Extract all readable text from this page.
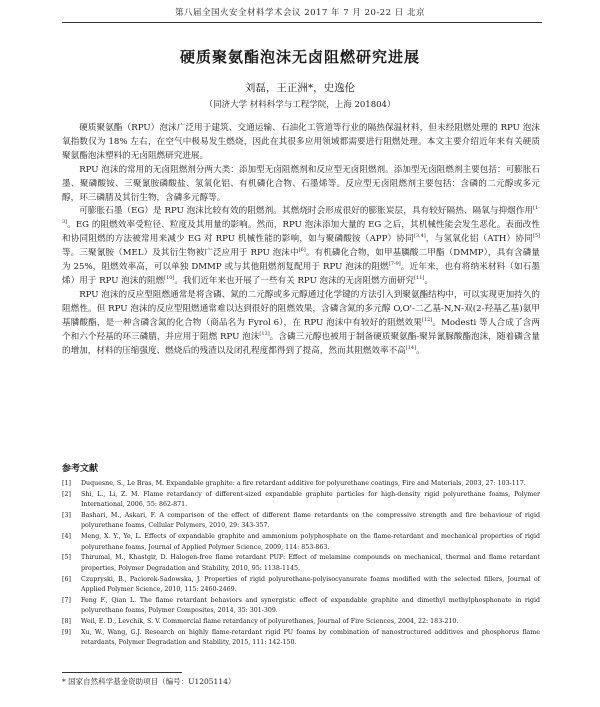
第八届全国火安全材料学术会议 2017 年 7 月 20-22 日 北京
硬质聚氨酯泡沫无卤阻燃研究进展
刘磊，王正洲*，史逸伦
（同济大学 材料科学与工程学院，上海 201804）

硬质聚氨酯（RPU）泡沫广泛用于建筑、交通运输、石油化工管道等行业的隔热保温材料，但未经阻燃处理的 RPU 泡沫氧指数仅为 18% 左右，在空气中极易发生燃烧，因此在其很多应用领域都需要进行阻燃处理。本文主要介绍近年来有关硬质聚氨酯泡沫塑料的无卤阻燃研究进展。

RPU 泡沫的常用的无卤阻燃剂分两大类：添加型无卤阻燃剂和反应型无卤阻燃剂。添加型无卤阻燃剂主要包括：可膨胀石墨、聚磷酸铵、三聚氰胺磷酸盐、氢氧化铝、有机磷化合物、石墨烯等。反应型无卤阻燃剂主要包括：含磷的二元醇或多元醇，环三磷腈及其衍生物，含磷多元醇等。

可膨胀石墨（EG）是 RPU 泡沫比较有效的阻燃剂。其燃烧时会形成很好的膨胀炭层，具有较好隔热、隔氧与抑烟作用[1-3]。EG 的阻燃效率受粒径、粒度及其用量的影响。然而，RPU 泡沫添加大量的 EG 之后，其机械性能会发生恶化。表面改性和协同阻燃的方法被常用来减少 EG 对 RPU 机械性能的影响，如与聚磷酸铵（APP）协同[3,4]，与氢氧化铝（ATH）协同[5]等。三聚氰胺（MEL）及其衍生物被广泛应用于 RPU 泡沫中[6]。有机磷化合物，如甲基膦酸二甲酯（DMMP），具有含磷量为 25%，阻燃效率高，可以单独 DMMP 或与其他阻燃剂复配用于 RPU 泡沫的阻燃[7-9]。近年来，也有将纳米材料（如石墨烯）用于 RPU 泡沫的阻燃[10]。我们近年来也开展了一些有关 RPU 泡沫的无卤阻燃方面研究[11]。

RPU 泡沫的反应型阻燃通常是将含磷、氮的二元醇或多元醇通过化学键的方法引入到聚氨酯结构中，可以实现更加持久的阻燃性。但 RPU 泡沫的反应型阻燃通常难以达到很好的阻燃效果，含磷含氮的多元醇 O,O'-二乙基-N,N-双(2-羟基乙基)氨甲基膦酸酯，是一种含磷含氮的化合物（商品名为 Fyrol 6），在 RPU 泡沫中有较好的阻燃效果[12]。Modesti 等人合成了含两个和六个羟基的环三磷腈，并应用于阻燃 RPU 泡沫[13]。含磷三元醇也被用于制备硬质聚氨酯-聚异氰脲酸酯泡沫，随着磷含量的增加，材料的压缩强度、燃烧后的残渣以及闭孔程度都得到了提高，然而其阻燃效率不高[14]。

参考文献
[1]	Duquesne, S., Le Bras, M. Expandable graphite: a fire retardant additive for polyurethane coatings, Fire and Materials, 2003, 27: 103-117.
[2]	Shi, L., Li, Z. M. Flame retardancy of different-sized expandable graphite particles for high-density rigid polyurethane foams, Polymer International, 2006, 55: 862-871.
[3]	Bashari, M., Askari, F. A comparison of the effect of different flame retardants on the compressive strength and fire behaviour of rigid polyurethane foams, Cellular Polymers, 2010, 29: 343-357.
[4]	Meng, X. Y., Ye, L. Effects of expandable graphite and ammonium polyphosphate on the flame-retardant and mechanical properties of rigid polyurethane foams, Journal of Applied Polymer Science, 2009, 114: 853-863.
[5]	Thirumal, M., Khastgir, D. Halogen-free flame retardant PUF: Effect of melamine compounds on mechanical, thermal and flame retardant properties, Polymer Degradation and Stability, 2010, 95: 1138-1145.
[6]	Czupryski, B., Paciorek-Sadowska, J. Properties of rigid polyurethane-polyisocyanurate foams modified with the selected fillers, Journal of Applied Polymer Science, 2010, 115: 2460-2469.
[7]	Feng F., Qian L. The flame retardant behaviors and synergistic effect of expandable graphite and dimethyl methylphosphonate in rigid polyurethane foams, Polymer Composites, 2014, 35: 301-309.
[8]	Weil, E. D., Levchik, S. V. Commercial flame retardancy of polyurethanes, Journal of Fire Sciences, 2004, 22: 183-210.
[9]	Xu, W., Wang, G.J. Research on highly flame-retardant rigid PU foams by combination of nanostructured additives and phosphorus flame retardants, Polymer Degradation and Stability, 2015, 111: 142-150.
* 国家自然科学基金资助项目（编号：U1205114）
